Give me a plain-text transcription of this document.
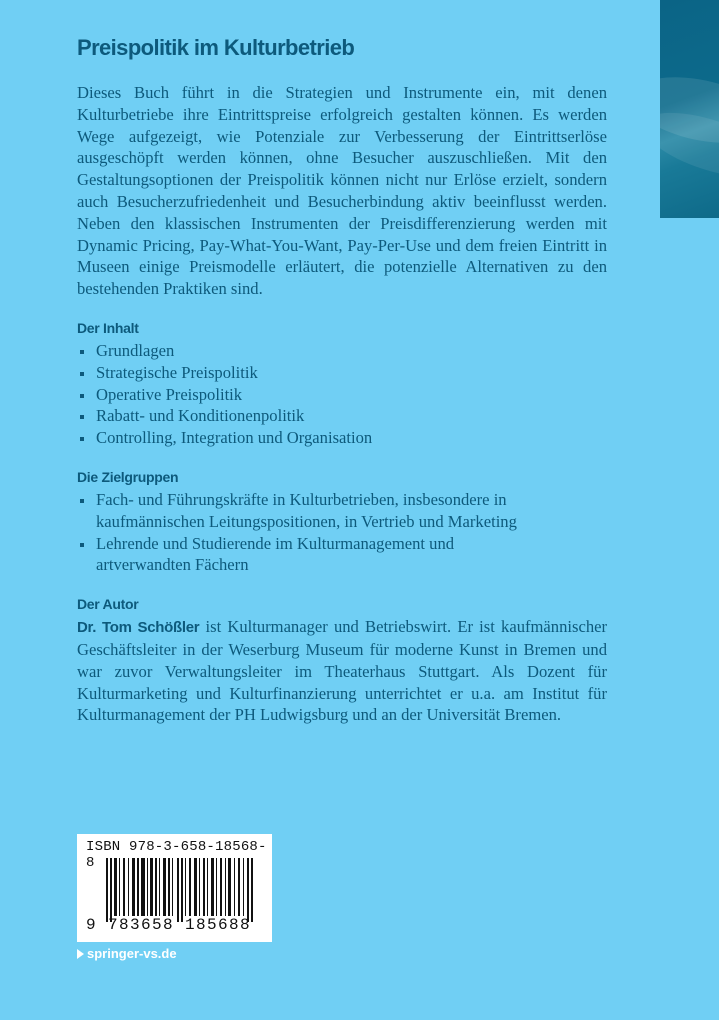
Preispolitik im Kulturbetrieb

Dieses Buch führt in die Strategien und Instrumente ein, mit denen Kulturbetriebe ihre Eintrittspreise erfolgreich gestalten können. Es werden Wege aufgezeigt, wie Potenziale zur Verbesserung der Eintrittserlöse ausgeschöpft werden können, ohne Besucher auszuschließen. Mit den Gestaltungsoptionen der Preispolitik können nicht nur Erlöse erzielt, sondern auch Besucherzufriedenheit und Besucherbindung aktiv beeinflusst werden. Neben den klassischen Instrumenten der Preisdifferenzierung werden mit Dynamic Pricing, Pay-What-You-Want, Pay-Per-Use und dem freien Eintritt in Museen einige Preismodelle erläutert, die potenzielle Alternativen zu den bestehenden Praktiken sind.

Der Inhalt
Grundlagen
Strategische Preispolitik
Operative Preispolitik
Rabatt- und Konditionenpolitik
Controlling, Integration und Organisation
Die Zielgruppen
Fach- und Führungskräfte in Kulturbetrieben, insbesondere in kaufmännischen Leitungspositionen, in Vertrieb und Marketing
Lehrende und Studierende im Kulturmanagement und artverwandten Fächern
Der Autor

Dr. Tom Schößler ist Kulturmanager und Betriebswirt. Er ist kaufmännischer Geschäftsleiter in der Weserburg Museum für moderne Kunst in Bremen und war zuvor Verwaltungsleiter im Theaterhaus Stuttgart. Als Dozent für Kulturmarketing und Kulturfinanzierung unterrichtet er u.a. am Institut für Kulturmanagement der PH Ludwigsburg und an der Universität Bremen.

ISBN 978-3-658-18568-8
9 783658 185688
springer-vs.de
